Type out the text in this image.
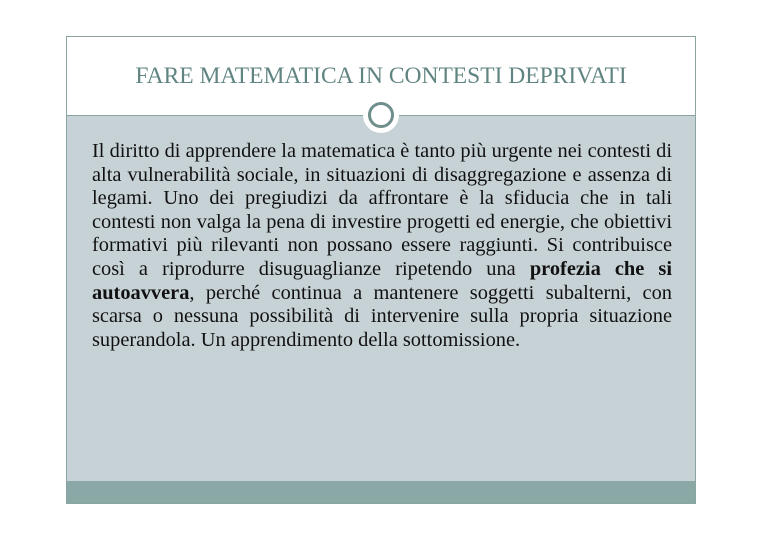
FARE MATEMATICA IN CONTESTI DEPRIVATI
Il diritto di apprendere la matematica è tanto più urgente nei contesti di alta vulnerabilità sociale, in situazioni di disaggregazione e assenza di legami. Uno dei pregiudizi da affrontare è la sfiducia che in tali contesti non valga la pena di investire progetti ed energie, che obiettivi formativi più rilevanti non possano essere raggiunti. Si contribuisce così a riprodurre disuguaglianze ripetendo una profezia che si autoavvera, perché continua a mantenere soggetti subalterni, con scarsa o nessuna possibilità di intervenire sulla propria situazione superandola. Un apprendimento della sottomissione.
